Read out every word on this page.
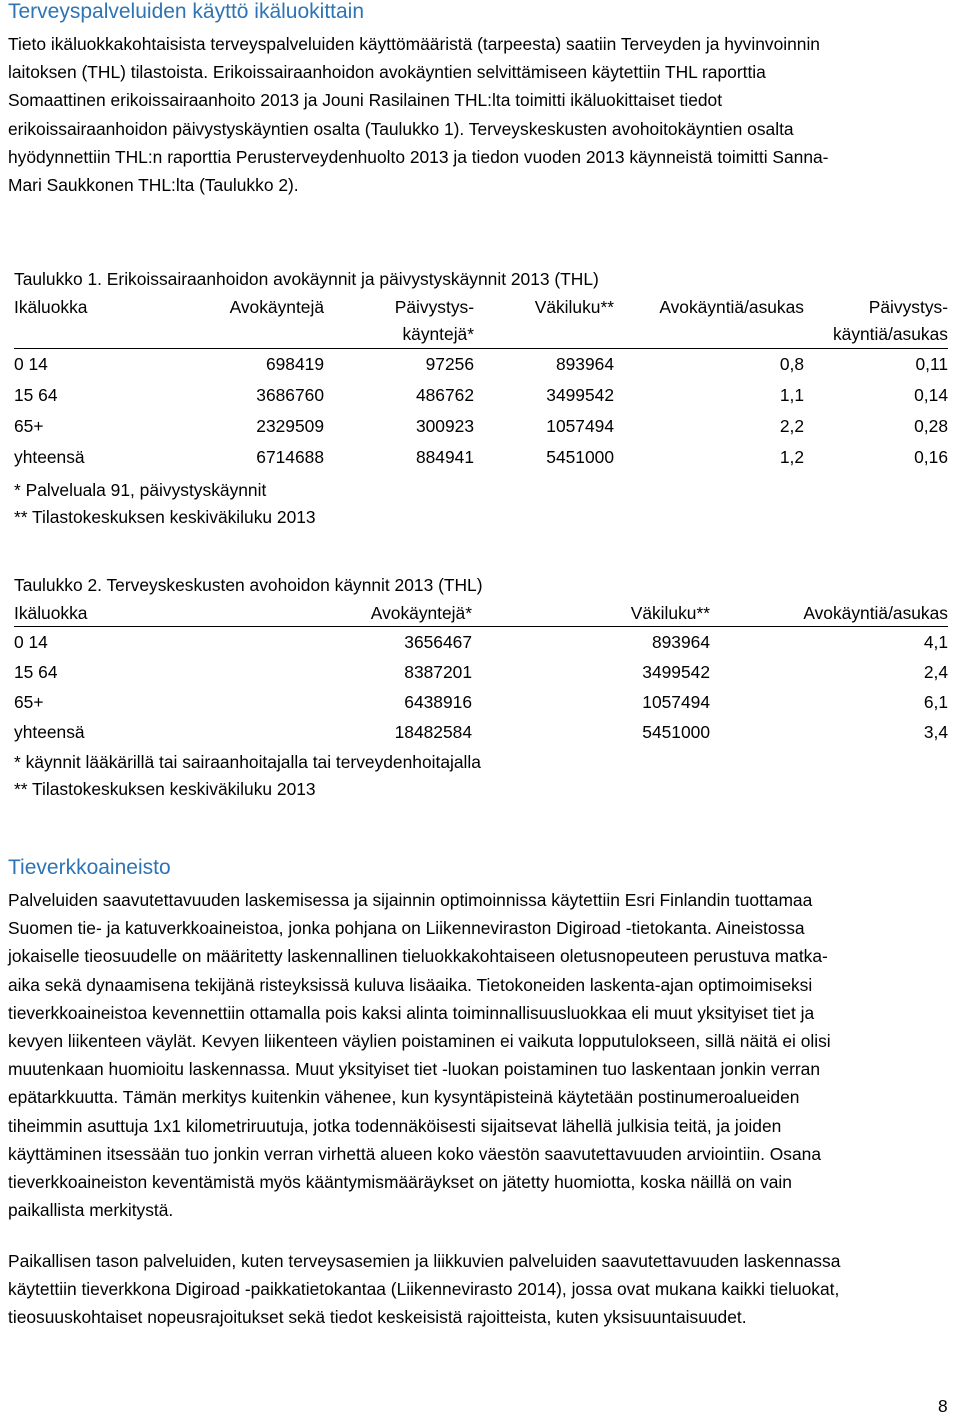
Terveyspalveluiden käyttö ikäluokittain
Tieto ikäluokkakohtaisista terveyspalveluiden käyttömääristä (tarpeesta) saatiin Terveyden ja hyvinvoinnin
laitoksen (THL) tilastoista. Erikoissairaanhoidon avokäyntien selvittämiseen käytettiin THL raporttia
Somaattinen erikoissairaanhoito 2013 ja Jouni Rasilainen THL:lta toimitti ikäluokittaiset tiedot
erikoissairaanhoidon päivystyskäyntien osalta (Taulukko 1). Terveyskeskusten avohoitokäyntien osalta
hyödynnettiin THL:n raporttia Perusterveydenhuolto 2013 ja tiedon vuoden 2013 käynneistä toimitti Sanna-
Mari Saukkonen THL:lta (Taulukko 2).

Taulukko 1. Erikoissairaanhoidon avokäynnit ja päivystyskäynnit 2013 (THL)

Ikäluokka	Avokäyntejä	Päivystys-
käyntejä*	Väkiluku**	Avokäyntiä/asukas	Päivystys-
käyntiä/asukas
0 14	698419	97256	893964	0,8	0,11
15 64	3686760	486762	3499542	1,1	0,14
65+	2329509	300923	1057494	2,2	0,28
yhteensä	6714688	884941	5451000	1,2	0,16

* Palveluala 91, päivystyskäynnit
** Tilastokeskuksen keskiväkiluku 2013					

Taulukko 2. Terveyskeskusten avohoidon käynnit 2013 (THL)

Ikäluokka	Avokäyntejä*	Väkiluku**	Avokäyntiä/asukas
0 14	3656467	893964	4,1
15 64	8387201	3499542	2,4
65+	6438916	1057494	6,1
yhteensä	18482584	5451000	3,4

* käynnit lääkärillä tai sairaanhoitajalla tai terveydenhoitajalla
** Tilastokeskuksen keskiväkiluku 2013			
Tieverkkoaineisto
Palveluiden saavutettavuuden laskemisessa ja sijainnin optimoinnissa käytettiin Esri Finlandin tuottamaa
Suomen tie- ja katuverkkoaineistoa, jonka pohjana on Liikenneviraston Digiroad -tietokanta. Aineistossa
jokaiselle tieosuudelle on määritetty laskennallinen tieluokkakohtaiseen oletusnopeuteen perustuva matka-
aika sekä dynaamisena tekijänä risteyksissä kuluva lisäaika. Tietokoneiden laskenta-ajan optimoimiseksi
tieverkkoaineistoa kevennettiin ottamalla pois kaksi alinta toiminnallisuusluokkaa eli muut yksityiset tiet ja
kevyen liikenteen väylät. Kevyen liikenteen väylien poistaminen ei vaikuta lopputulokseen, sillä näitä ei olisi
muutenkaan huomioitu laskennassa. Muut yksityiset tiet -luokan poistaminen tuo laskentaan jonkin verran
epätarkkuutta. Tämän merkitys kuitenkin vähenee, kun kysyntäpisteinä käytetään postinumeroalueiden
tiheimmin asuttuja 1x1 kilometriruutuja, jotka todennäköisesti sijaitsevat lähellä julkisia teitä, ja joiden
käyttäminen itsessään tuo jonkin verran virhettä alueen koko väestön saavutettavuuden arviointiin. Osana
tieverkkoaineiston keventämistä myös kääntymismääräykset on jätetty huomiotta, koska näillä on vain
paikallista merkitystä.
Paikallisen tason palveluiden, kuten terveysasemien ja liikkuvien palveluiden saavutettavuuden laskennassa
käytettiin tieverkkona Digiroad -paikkatietokantaa (Liikennevirasto 2014), jossa ovat mukana kaikki tieluokat,
tieosuuskohtaiset nopeusrajoitukset sekä tiedot keskeisistä rajoitteista, kuten yksisuuntaisuudet.

8
